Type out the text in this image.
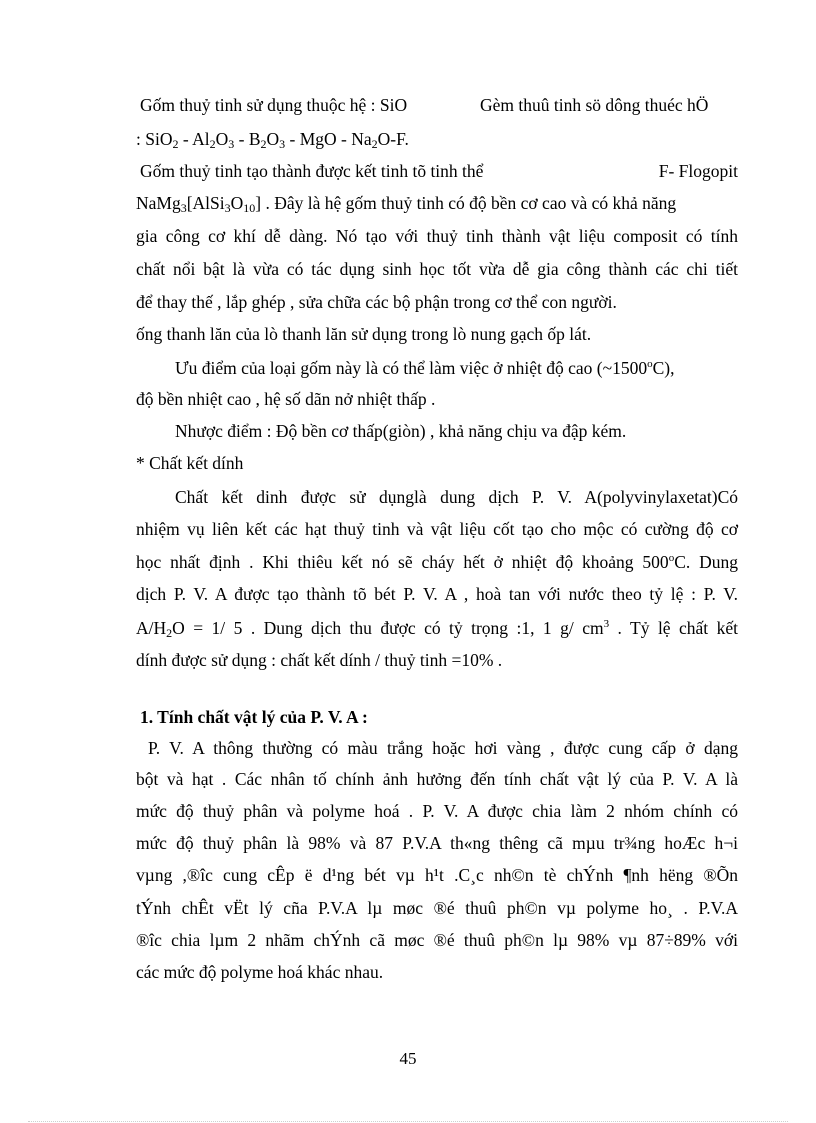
Gốm thuỷ tinh sử dụng thuộc hệ : SiO	Gèm thuû tinh sö dông thuéc hÖ
: $SiO_2 - Al_2O_3 - B_2O_3$ - MgO - $Na_2O-F$.
Gốm thuỷ tinh tạo thành được kết tinh tõ tinh thể	F- Flogopit
$NaMg_3[AlSi_3O_{10}]$ . Đây là hệ gốm thuỷ tinh có độ bền cơ cao và có khả năng
gia công cơ khí dễ dàng. Nó tạo với thuỷ tinh thành vật liệu composit có tính
chất nổi bật là vừa có tác dụng sinh học tốt vừa dễ gia công thành các chi tiết
để thay thế , lắp ghép , sửa chữa các bộ phận trong cơ thể con người.
ống thanh lăn của lò thanh lăn sử dụng trong lò nung gạch ốp lát.
Ưu điểm của loại gốm này là có thể làm việc ở nhiệt độ cao (~1500$^o$C),
độ bền nhiệt cao , hệ số dãn nở nhiệt thấp .
Nhược điểm : Độ bền cơ thấp(giòn) , khả năng chịu va đập kém.
* Chất kết dính
Chất kết dinh được sử dụnglà dung dịch P. V. A(polyvinylaxetat)Có
nhiệm vụ liên kết các hạt thuỷ tinh và vật liệu cốt tạo cho mộc có cường độ cơ
học nhất định . Khi thiêu kết nó sẽ cháy hết ở nhiệt độ khoảng 500$^o$C. Dung
dịch P. V. A được tạo thành tõ bét P. V. A , hoà tan với nước theo tỷ lệ : P. V.
$A/H_2O = 1/$ 5 . Dung dịch thu được có tỷ trọng :1, 1 g/ $cm^3$ . Tỷ lệ chất kết
dính được sử dụng : chất kết dính / thuỷ tinh =10% .
1. Tính chất vật lý của P. V. A :
P. V. A thông thường có màu trắng hoặc hơi vàng , được cung cấp ở dạng
bột và hạt . Các nhân tố chính ảnh hưởng đến tính chất vật lý của P. V. A là
mức độ thuỷ phân và polyme hoá . P. V. A được chia làm 2 nhóm chính có
mức độ thuỷ phân là 98% và 87 P.V.A th«ng thêng cã mµu tr¾ng hoÆc h¬i
vµng ,®îc cung cÊp ë d¹ng bét vµ h¹t .C¸c nh©n tè chÝnh ¶nh hëng ®Õn
tÝnh chÊt vËt lý cña P.V.A lµ møc ®é thuû ph©n vµ polyme ho¸ . P.V.A
®îc chia lµm 2 nhãm chÝnh cã møc ®é thuû ph©n lµ 98% vµ 87÷89% với
các mức độ polyme hoá khác nhau.
45
